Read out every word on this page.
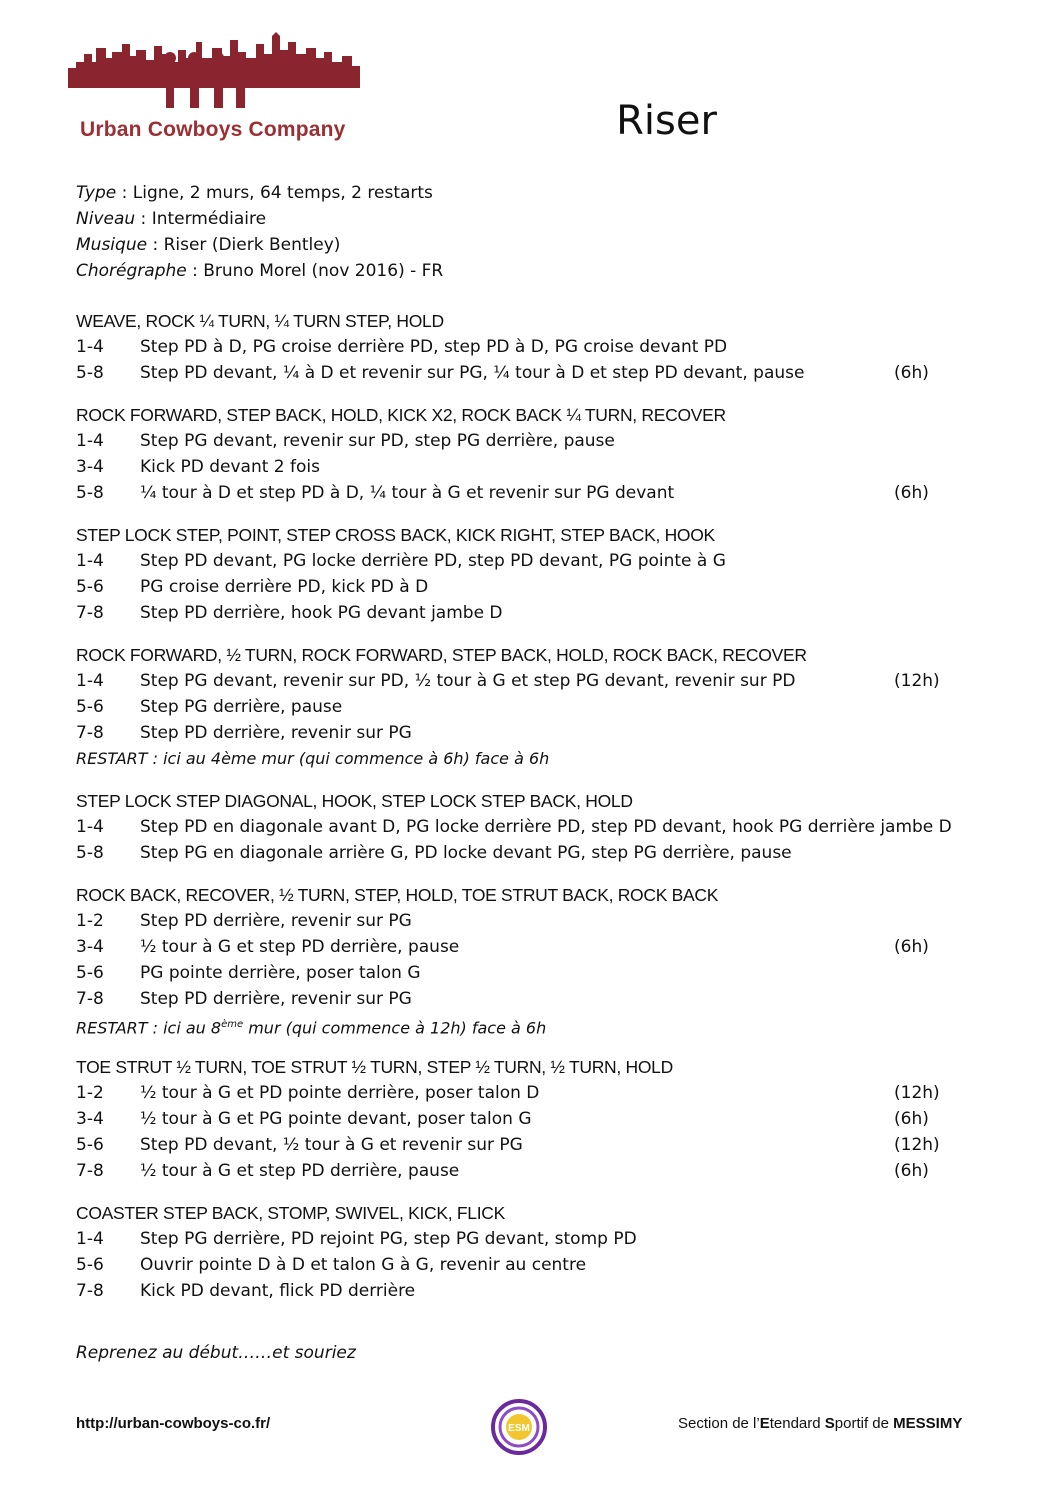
Urban Cowboys Company	Riser
Type : Ligne, 2 murs, 64 temps, 2 restarts
Niveau : Intermédiaire
Musique : Riser (Dierk Bentley)
Chorégraphe : Bruno Morel (nov 2016) - FR
WEAVE, ROCK ¼ TURN, ¼ TURN STEP, HOLD
1-4 Step PD à D, PG croise derrière PD, step PD à D, PG croise devant PD
5-8 Step PD devant, ¼ à D et revenir sur PG, ¼ tour à D et step PD devant, pause	(6h)
ROCK FORWARD, STEP BACK, HOLD, KICK X2, ROCK BACK ¼ TURN, RECOVER
1-4 Step PG devant, revenir sur PD, step PG derrière, pause
3-4 Kick PD devant 2 fois
5-8 ¼ tour à D et step PD à D, ¼ tour à G et revenir sur PG devant	(6h)
STEP LOCK STEP, POINT, STEP CROSS BACK, KICK RIGHT, STEP BACK, HOOK
1-4 Step PD devant, PG locke derrière PD, step PD devant, PG pointe à G
5-6 PG croise derrière PD, kick PD à D
7-8 Step PD derrière, hook PG devant jambe D
ROCK FORWARD, ½ TURN, ROCK FORWARD, STEP BACK, HOLD, ROCK BACK, RECOVER
1-4 Step PG devant, revenir sur PD, ½ tour à G et step PG devant, revenir sur PD	(12h)
5-6 Step PG derrière, pause
7-8 Step PD derrière, revenir sur PG
RESTART : ici au 4ème mur (qui commence à 6h) face à 6h
STEP LOCK STEP DIAGONAL, HOOK, STEP LOCK STEP BACK, HOLD
1-4 Step PD en diagonale avant D, PG locke derrière PD, step PD devant, hook PG derrière jambe D
5-8 Step PG en diagonale arrière G, PD locke devant PG, step PG derrière, pause
ROCK BACK, RECOVER, ½ TURN, STEP, HOLD, TOE STRUT BACK, ROCK BACK
1-2 Step PD derrière, revenir sur PG
3-4 ½ tour à G et step PD derrière, pause	(6h)
5-6 PG pointe derrière, poser talon G
7-8 Step PD derrière, revenir sur PG
RESTART : ici au 8ème mur (qui commence à 12h) face à 6h
TOE STRUT ½ TURN, TOE STRUT ½ TURN, STEP ½ TURN, ½ TURN, HOLD
1-2 ½ tour à G et PD pointe derrière, poser talon D	(12h)
3-4 ½ tour à G et PG pointe devant, poser talon G	(6h)
5-6 Step PD devant, ½ tour à G et revenir sur PG	(12h)
7-8 ½ tour à G et step PD derrière, pause	(6h)
COASTER STEP BACK, STOMP, SWIVEL, KICK, FLICK
1-4 Step PG derrière, PD rejoint PG, step PG devant, stomp PD
5-6 Ouvrir pointe D à D et talon G à G, revenir au centre
7-8 Kick PD devant, flick PD derrière
Reprenez au début……et souriez
http://urban-cowboys-co.fr/	ESM	Section de l’Etendard Sportif de MESSIMY
